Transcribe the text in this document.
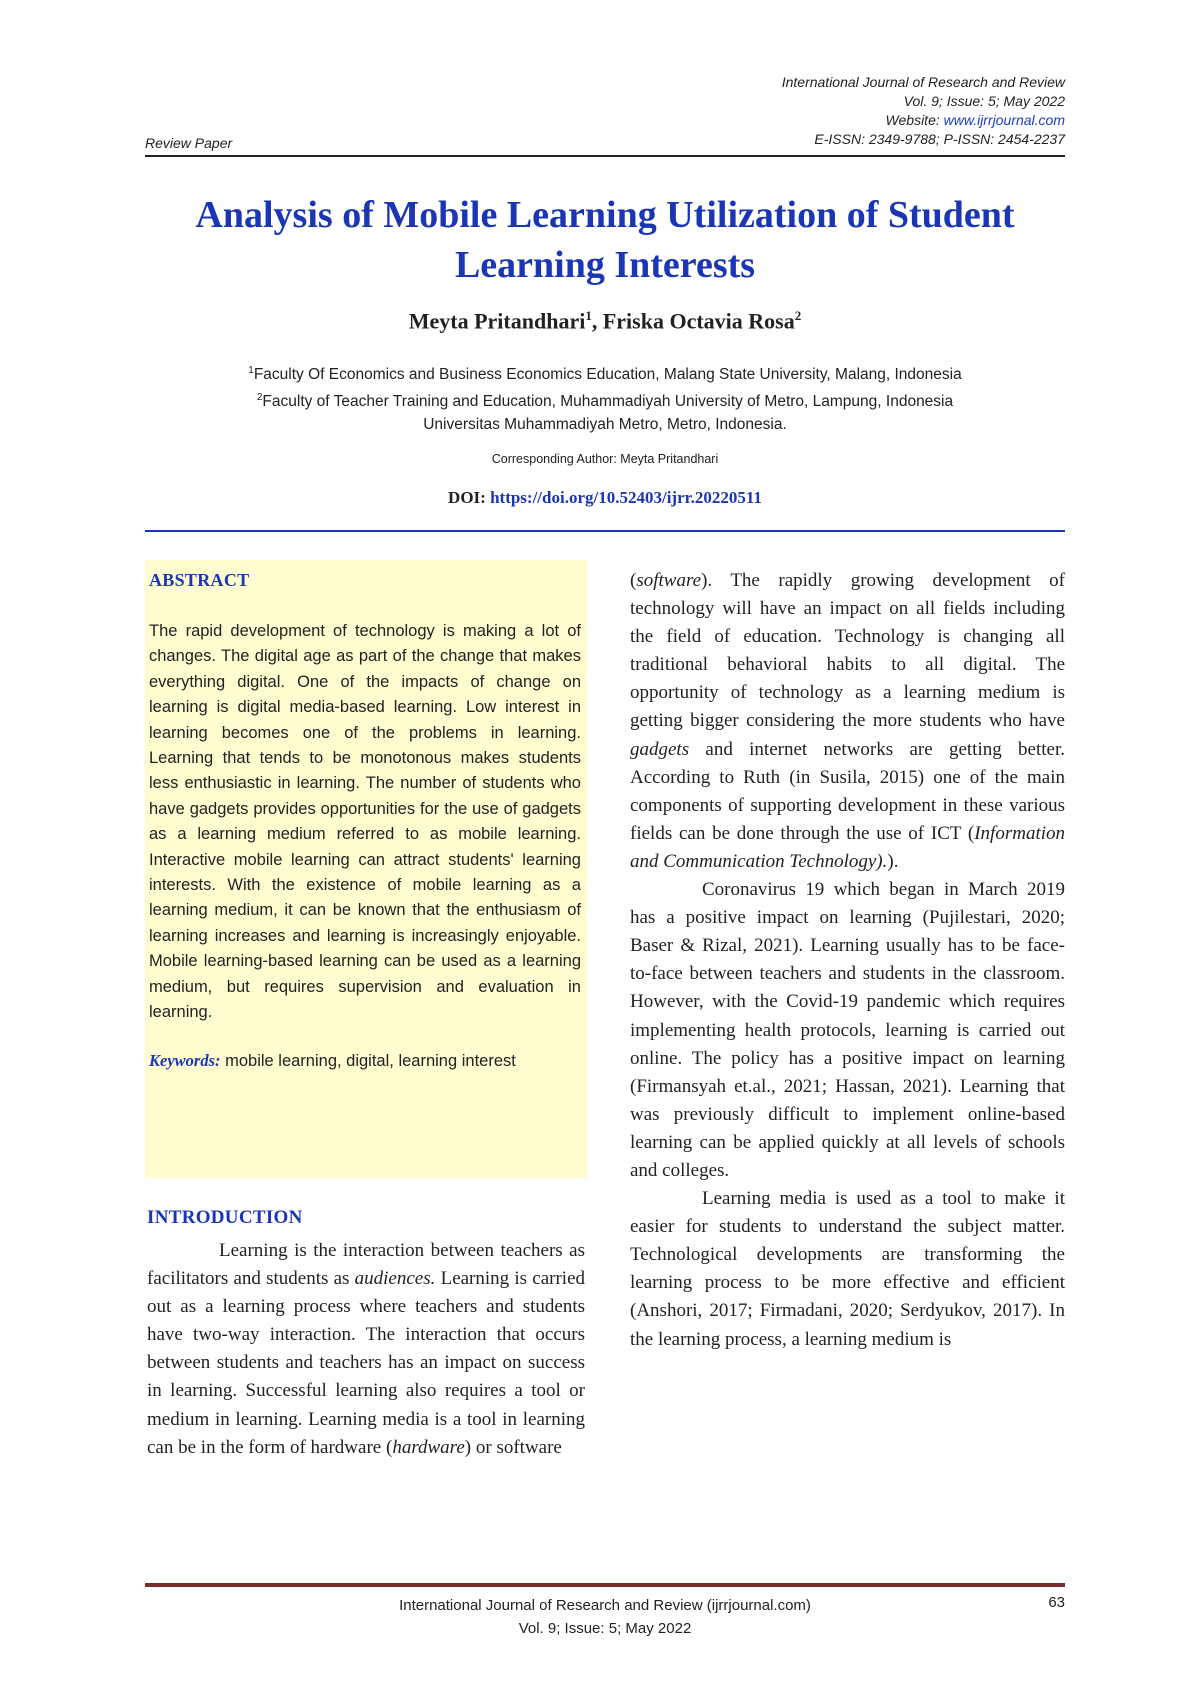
International Journal of Research and Review
Vol. 9; Issue: 5; May 2022
Website: www.ijrrjournal.com
E-ISSN: 2349-9788; P-ISSN: 2454-2237
Review Paper
Analysis of Mobile Learning Utilization of Student Learning Interests
Meyta Pritandhari$^1$, Friska Octavia Rosa$^2$
$^1$Faculty Of Economics and Business Economics Education, Malang State University, Malang, Indonesia
$^2$Faculty of Teacher Training and Education, Muhammadiyah University of Metro, Lampung, Indonesia
Universitas Muhammadiyah Metro, Metro, Indonesia.
Corresponding Author: Meyta Pritandhari
DOI: https://doi.org/10.52403/ijrr.20220511
ABSTRACT
The rapid development of technology is making a lot of changes. The digital age as part of the change that makes everything digital. One of the impacts of change on learning is digital media-based learning. Low interest in learning becomes one of the problems in learning. Learning that tends to be monotonous makes students less enthusiastic in learning. The number of students who have gadgets provides opportunities for the use of gadgets as a learning medium referred to as mobile learning. Interactive mobile learning can attract students' learning interests. With the existence of mobile learning as a learning medium, it can be known that the enthusiasm of learning increases and learning is increasingly enjoyable. Mobile learning-based learning can be used as a learning medium, but requires supervision and evaluation in learning.
Keywords: mobile learning, digital, learning interest
INTRODUCTION

Learning is the interaction between teachers as facilitators and students as audiences. Learning is carried out as a learning process where teachers and students have two-way interaction. The interaction that occurs between students and teachers has an impact on success in learning. Successful learning also requires a tool or medium in learning. Learning media is a tool in learning can be in the form of hardware (hardware) or software

(software). The rapidly growing development of technology will have an impact on all fields including the field of education. Technology is changing all traditional behavioral habits to all digital. The opportunity of technology as a learning medium is getting bigger considering the more students who have gadgets and internet networks are getting better. According to Ruth (in Susila, 2015) one of the main components of supporting development in these various fields can be done through the use of ICT (Information and Communication Technology).).

Coronavirus 19 which began in March 2019 has a positive impact on learning (Pujilestari, 2020; Baser & Rizal, 2021). Learning usually has to be face-to-face between teachers and students in the classroom. However, with the Covid-19 pandemic which requires implementing health protocols, learning is carried out online. The policy has a positive impact on learning (Firmansyah et.al., 2021; Hassan, 2021). Learning that was previously difficult to implement online-based learning can be applied quickly at all levels of schools and colleges.

Learning media is used as a tool to make it easier for students to understand the subject matter. Technological developments are transforming the learning process to be more effective and efficient (Anshori, 2017; Firmadani, 2020; Serdyukov, 2017). In the learning process, a learning medium is

International Journal of Research and Review (ijrrjournal.com)
Vol. 9; Issue: 5; May 2022
63
